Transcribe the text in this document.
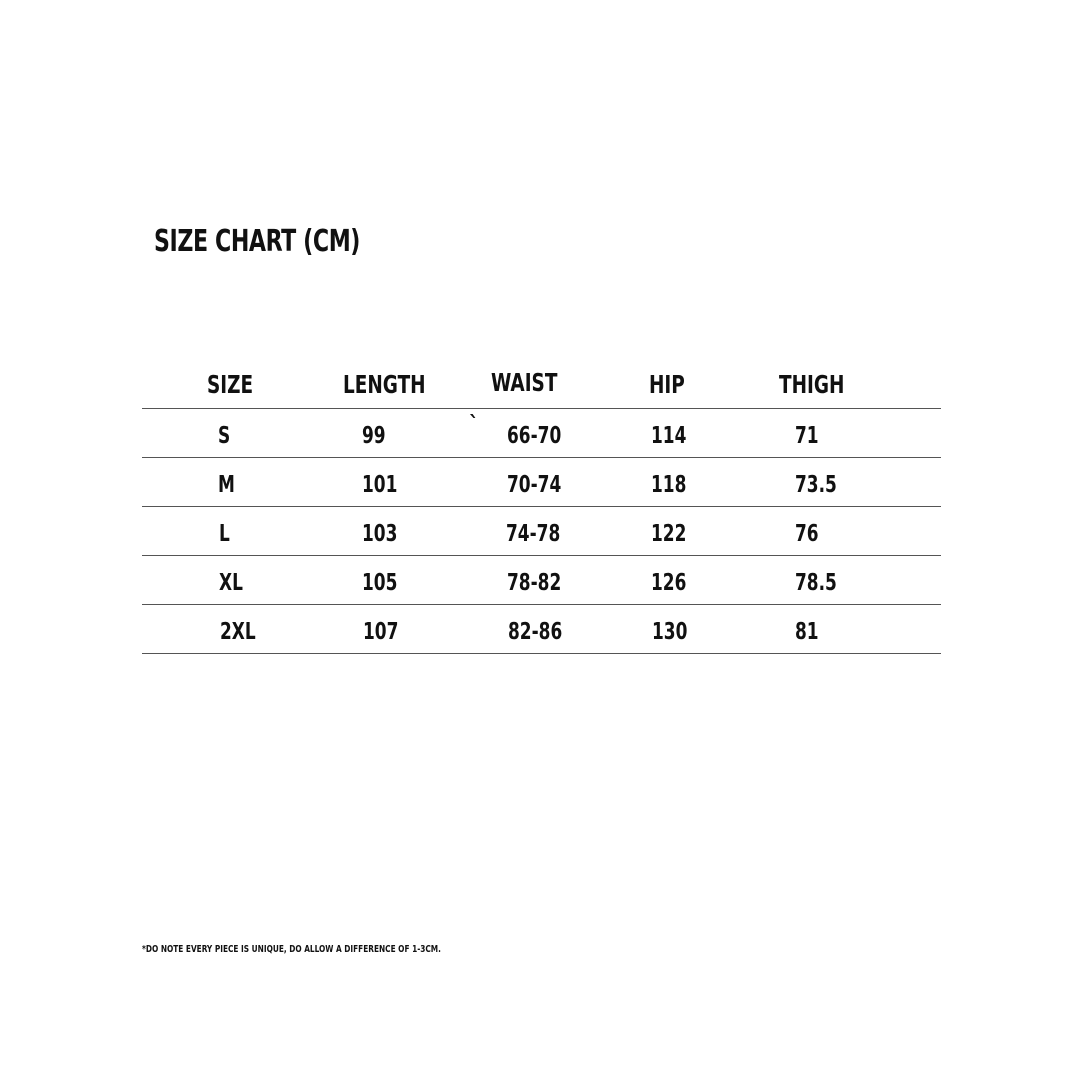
SIZE CHART (CM)
SIZE	LENGTH	WAIST	HIP	THIGH
S	99	` 66-70	114	71
M	101	70-74	118	73.5
L	103	74-78	122	76
XL	105	78-82	126	78.5
2XL	107	82-86	130	81
*DO NOTE EVERY PIECE IS UNIQUE, DO ALLOW A DIFFERENCE OF 1-3CM.
